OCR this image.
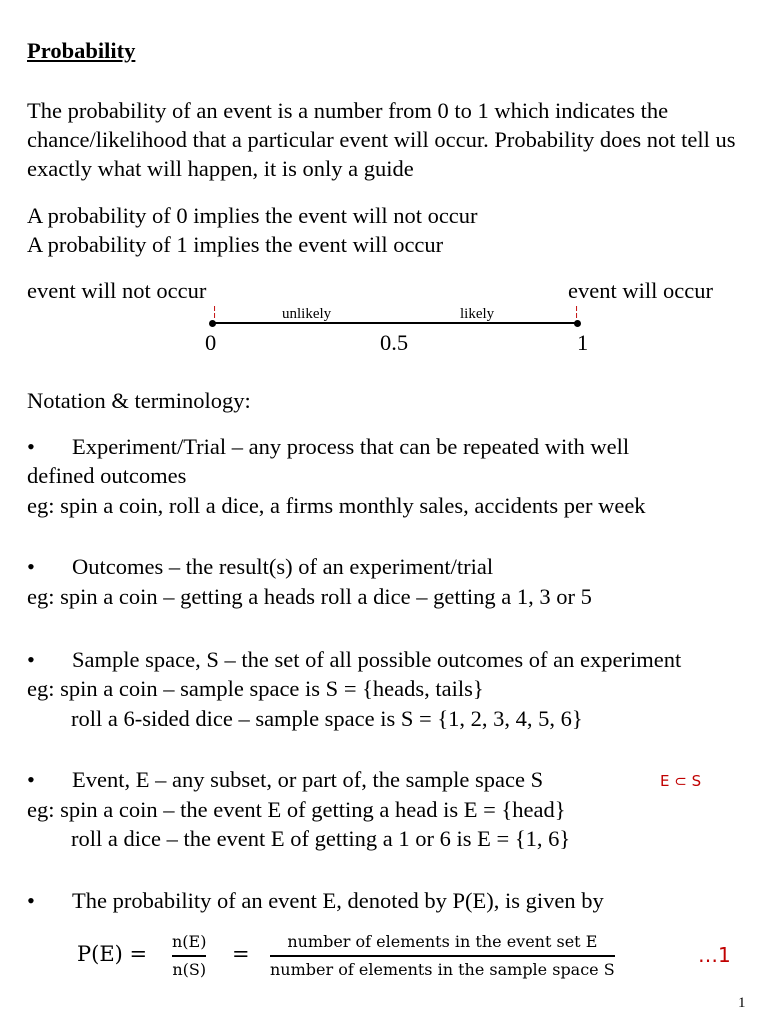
Probability
The probability of an event is a number from 0 to 1 which indicates the chance/likelihood that a particular event will occur. Probability does not tell us exactly what will happen, it is only a guide
A probability of 0 implies the event will not occur
A probability of 1 implies the event will occur
event will not occur	event will occur
╎	╎
unlikely	likely
0	0.5	1
Notation & terminology:
• Experiment/Trial – any process that can be repeated with well
defined outcomes
eg: spin a coin, roll a dice, a firms monthly sales, accidents per week
• Outcomes – the result(s) of an experiment/trial
eg: spin a coin – getting a heads roll a dice – getting a 1, 3 or 5
• Sample space, S – the set of all possible outcomes of an experiment
eg: spin a coin – sample space is S = {heads, tails}
roll a 6-sided dice – sample space is S = {1, 2, 3, 4, 5, 6}
• Event, E – any subset, or part of, the sample space S	E ⊂ S
eg: spin a coin – the event E of getting a head is E = {head}
roll a dice – the event E of getting a 1 or 6 is E = {1, 6}
• The probability of an event E, denoted by P(E), is given by
P(E) =
n(E)
n(S)
=
number of elements in the event set E
number of elements in the sample space S
…1
1
